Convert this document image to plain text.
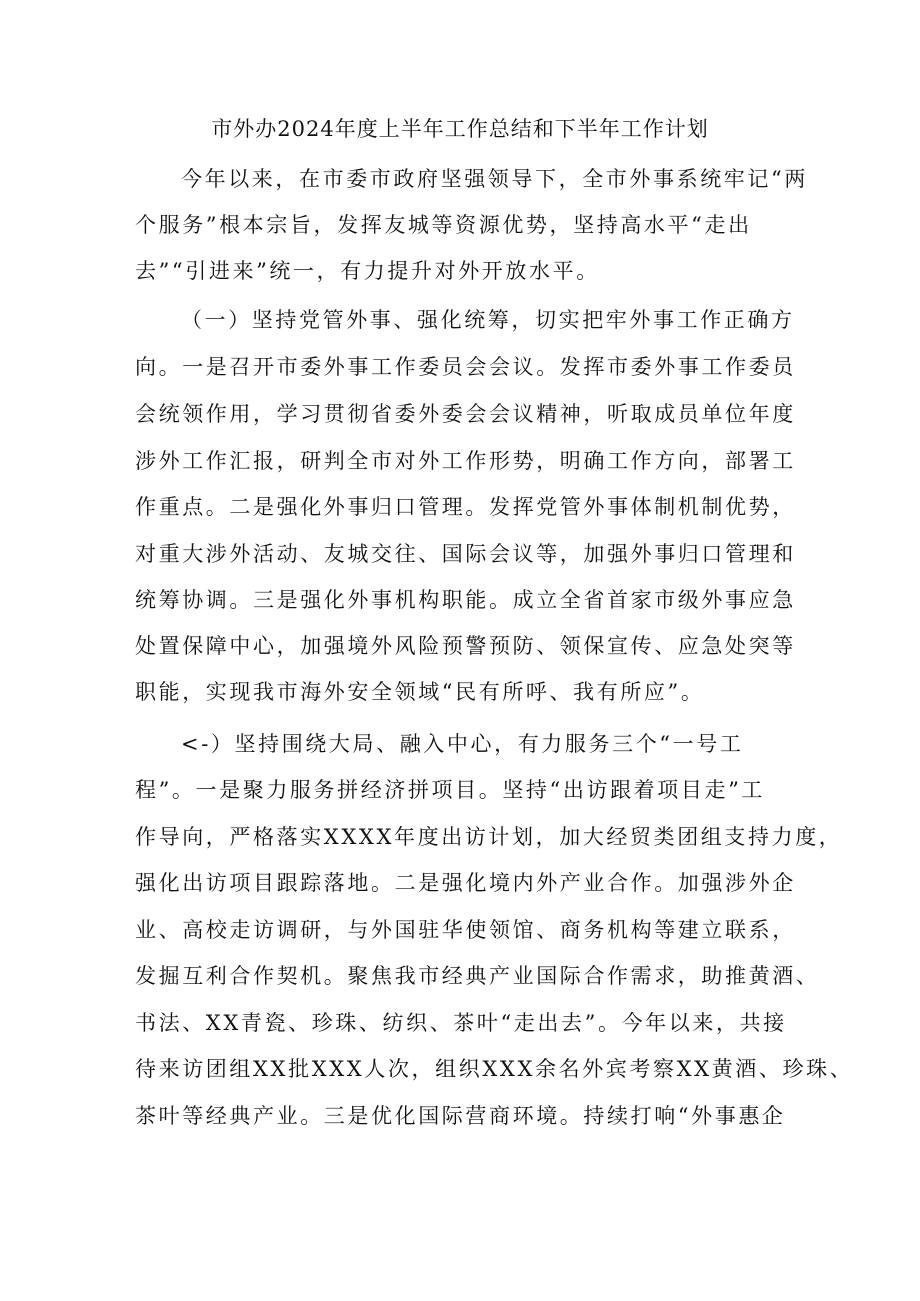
市外办2024年度上半年工作总结和下半年工作计划
今年以来，在市委市政府坚强领导下，全市外事系统牢记“两
个服务”根本宗旨，发挥友城等资源优势，坚持高水平“走出
去”“引进来”统一，有力提升对外开放水平。
（一）坚持党管外事、强化统筹，切实把牢外事工作正确方
向。一是召开市委外事工作委员会会议。发挥市委外事工作委员
会统领作用，学习贯彻省委外委会会议精神，听取成员单位年度
涉外工作汇报，研判全市对外工作形势，明确工作方向，部署工
作重点。二是强化外事归口管理。发挥党管外事体制机制优势，
对重大涉外活动、友城交往、国际会议等，加强外事归口管理和
统筹协调。三是强化外事机构职能。成立全省首家市级外事应急
处置保障中心，加强境外风险预警预防、领保宣传、应急处突等
职能，实现我市海外安全领域“民有所呼、我有所应”。
<-）坚持围绕大局、融入中心，有力服务三个“一号工
程”。一是聚力服务拼经济拼项目。坚持“出访跟着项目走”工
作导向，严格落实XXXX年度出访计划，加大经贸类团组支持力度，
强化出访项目跟踪落地。二是强化境内外产业合作。加强涉外企
业、高校走访调研，与外国驻华使领馆、商务机构等建立联系，
发掘互利合作契机。聚焦我市经典产业国际合作需求，助推黄酒、
书法、XX青瓷、珍珠、纺织、茶叶“走出去”。今年以来，共接
待来访团组XX批XXX人次，组织XXX余名外宾考察XX黄酒、珍珠、
茶叶等经典产业。三是优化国际营商环境。持续打响“外事惠企
